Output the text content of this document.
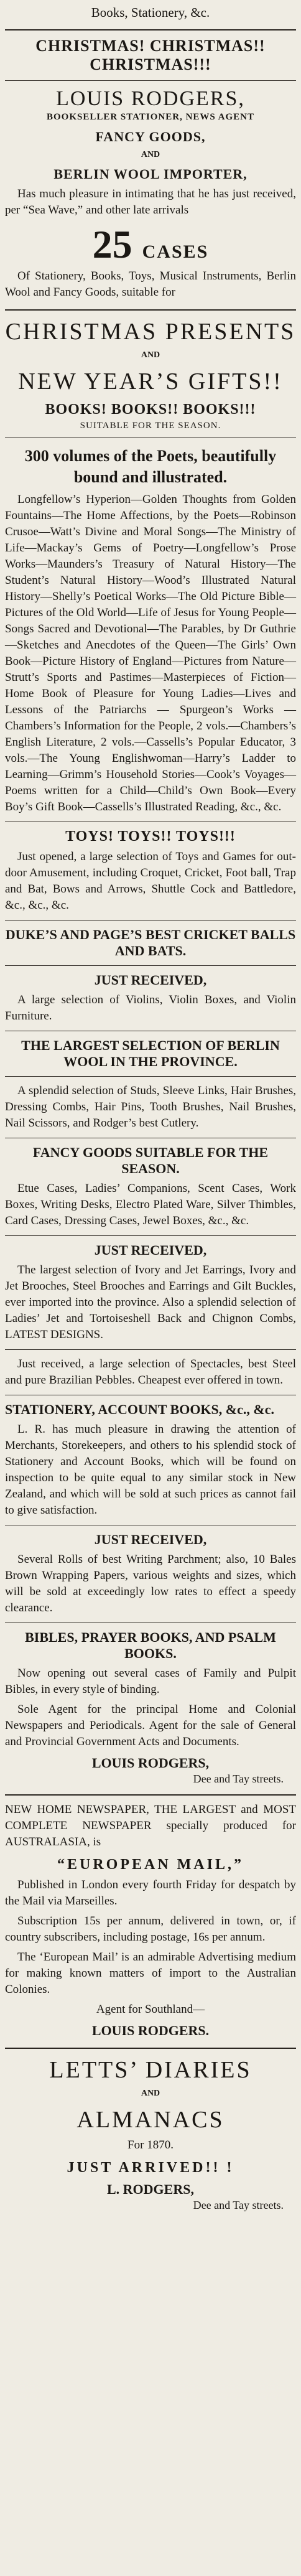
Books, Stationery, &c.
CHRISTMAS! CHRISTMAS!! CHRISTMAS!!!
LOUIS RODGERS,
BOOKSELLER STATIONER, NEWS AGENT
FANCY GOODS,
AND
BERLIN WOOL IMPORTER,
Has much pleasure in intimating that he has just received, per “Sea Wave,” and other late arrivals
25 CASES
Of Stationery, Books, Toys, Musical Instruments, Berlin Wool and Fancy Goods, suitable for
CHRISTMAS PRESENTS
AND
NEW YEAR’S GIFTS!!
BOOKS! BOOKS!! BOOKS!!!
SUITABLE FOR THE SEASON.
300 volumes of the Poets, beautifully bound and illustrated.
Longfellow’s Hyperion—Golden Thoughts from Golden Fountains—The Home Affections, by the Poets—Robinson Crusoe—Watt’s Divine and Moral Songs—The Ministry of Life—Mackay’s Gems of Poetry—Longfellow’s Prose Works—Maunders’s Treasury of Natural History—The Student’s Natural History—Wood’s Illustrated Natural History—Shelly’s Poetical Works—The Old Picture Bible—Pictures of the Old World—Life of Jesus for Young People—Songs Sacred and Devotional—The Parables, by Dr Guthrie—Sketches and Anecdotes of the Queen—The Girls’ Own Book—Picture History of England—Pictures from Nature—Strutt’s Sports and Pastimes—Masterpieces of Fiction—Home Book of Pleasure for Young Ladies—Lives and Lessons of the Patriarchs — Spurgeon’s Works — Chambers’s Information for the People, 2 vols.—Chambers’s English Literature, 2 vols.—Cassells’s Popular Educator, 3 vols.—The Young Englishwoman—Harry’s Ladder to Learning—Grimm’s Household Stories—Cook’s Voyages—Poems written for a Child—Child’s Own Book—Every Boy’s Gift Book—Cassells’s Illustrated Reading, &c., &c.
TOYS! TOYS!! TOYS!!!
Just opened, a large selection of Toys and Games for out-door Amusement, including Croquet, Cricket, Foot ball, Trap and Bat, Bows and Arrows, Shuttle Cock and Battledore, &c., &c., &c.
DUKE’S AND PAGE’S BEST CRICKET BALLS AND BATS.
JUST RECEIVED,
A large selection of Violins, Violin Boxes, and Violin Furniture.
THE LARGEST SELECTION OF BERLIN WOOL IN THE PROVINCE.
A splendid selection of Studs, Sleeve Links, Hair Brushes, Dressing Combs, Hair Pins, Tooth Brushes, Nail Brushes, Nail Scissors, and Rodger’s best Cutlery.
FANCY GOODS SUITABLE FOR THE SEASON.
Etue Cases, Ladies’ Companions, Scent Cases, Work Boxes, Writing Desks, Electro Plated Ware, Silver Thimbles, Card Cases, Dressing Cases, Jewel Boxes, &c., &c.
JUST RECEIVED,
The largest selection of Ivory and Jet Earrings, Ivory and Jet Brooches, Steel Brooches and Earrings and Gilt Buckles, ever imported into the province. Also a splendid selection of Ladies’ Jet and Tortoiseshell Back and Chignon Combs, LATEST DESIGNS.
Just received, a large selection of Spectacles, best Steel and pure Brazilian Pebbles. Cheapest ever offered in town.
STATIONERY, ACCOUNT BOOKS, &c., &c.
L. R. has much pleasure in drawing the attention of Merchants, Storekeepers, and others to his splendid stock of Stationery and Account Books, which will be found on inspection to be quite equal to any similar stock in New Zealand, and which will be sold at such prices as cannot fail to give satisfaction.
JUST RECEIVED,
Several Rolls of best Writing Parchment; also, 10 Bales Brown Wrapping Papers, various weights and sizes, which will be sold at exceedingly low rates to effect a speedy clearance.
BIBLES, PRAYER BOOKS, AND PSALM BOOKS.
Now opening out several cases of Family and Pulpit Bibles, in every style of binding.
Sole Agent for the principal Home and Colonial Newspapers and Periodicals. Agent for the sale of General and Provincial Government Acts and Documents.
LOUIS RODGERS,
Dee and Tay streets.
NEW HOME NEWSPAPER, THE LARGEST and MOST COMPLETE NEWSPAPER specially produced for AUSTRALASIA, is
“EUROPEAN MAIL,”
Published in London every fourth Friday for despatch by the Mail via Marseilles.
Subscription 15s per annum, delivered in town, or, if country subscribers, including postage, 16s per annum.
The ‘European Mail’ is an admirable Advertising medium for making known matters of import to the Australian Colonies.
Agent for Southland—
LOUIS RODGERS.
LETTS’ DIARIES
AND
ALMANACS
For 1870.
JUST ARRIVED!! !
L. RODGERS,
Dee and Tay streets.
